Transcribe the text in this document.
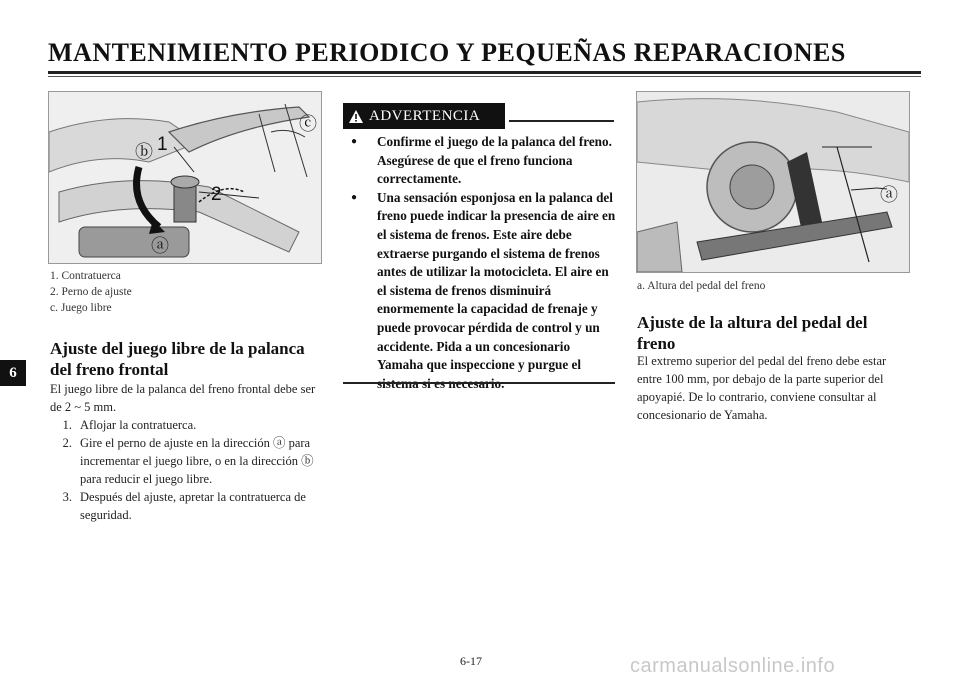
MANTENIMIENTO PERIODICO Y PEQUEÑAS REPARACIONES
6
ⓒ
ⓑ 1
2
ⓐ
1. Contratuerca
2. Perno de ajuste
c. Juego libre
Ajuste del juego libre de la palanca del freno frontal

El juego libre de la palanca del freno frontal debe ser de 2 ~ 5 mm.

1. Aflojar la contratuerca.
2. Gire el perno de ajuste en la dirección ⓐ para incrementar el juego libre, o en la dirección ⓑ para reducir el juego libre.
3. Después del ajuste, apretar la contratuerca de seguridad.
ADVERTENCIA
●	Confirme el juego de la palanca del freno. Asegúrese de que el freno funciona correctamente.
●	Una sensación esponjosa en la palanca del freno puede indicar la presencia de aire en el sistema de frenos. Este aire debe extraerse purgando el sistema de frenos antes de utilizar la motocicleta. El aire en el sistema de frenos disminuirá enormemente la capacidad de frenaje y puede provocar pérdida de control y un accidente. Pida a un concesionario Yamaha que inspeccione y purgue el
ⓐ

a. Altura del pedal del freno

Ajuste de la altura del pedal del freno

El extremo superior del pedal del freno debe estar entre 100 mm, por debajo de la parte superior del apoyapié. De lo contrario, conviene consultar al concesionario de Yamaha.

6-17	carmanualsonline.info
